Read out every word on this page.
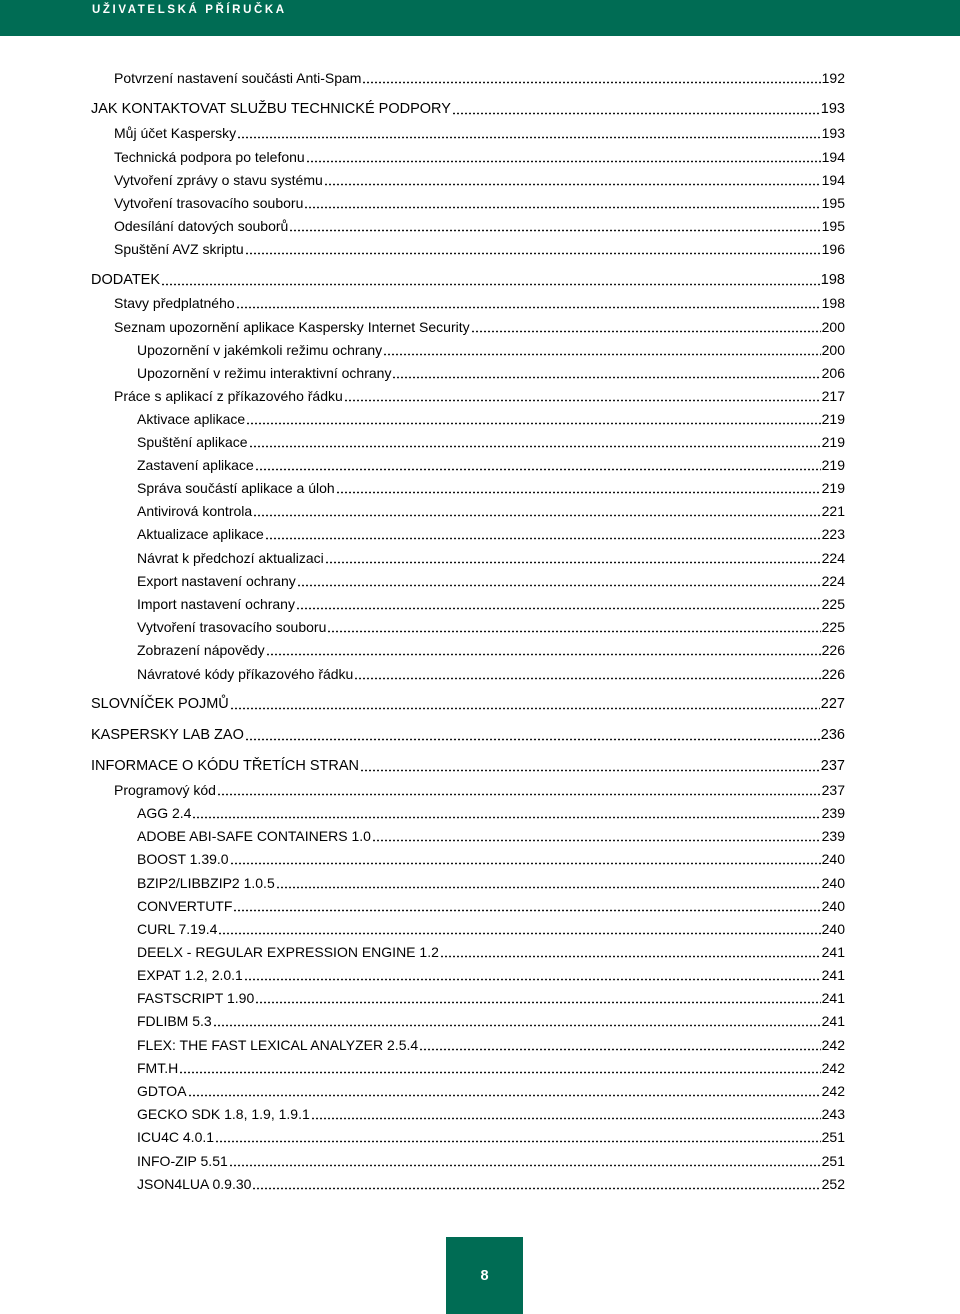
UŽIVATELSKÁ PŘÍRUČKA
Potvrzení nastavení součásti Anti-Spam	192
JAK KONTAKTOVAT SLUŽBU TECHNICKÉ PODPORY	193
Můj účet Kaspersky	193
Technická podpora po telefonu	194
Vytvoření zprávy o stavu systému	194
Vytvoření trasovacího souboru	195
Odesílání datových souborů	195
Spuštění AVZ skriptu	196
DODATEK	198
Stavy předplatného	198
Seznam upozornění aplikace Kaspersky Internet Security	200
Upozornění v jakémkoli režimu ochrany	200
Upozornění v režimu interaktivní ochrany	206
Práce s aplikací z příkazového řádku	217
Aktivace aplikace	219
Spuštění aplikace	219
Zastavení aplikace	219
Správa součástí aplikace a úloh	219
Antivirová kontrola	221
Aktualizace aplikace	223
Návrat k předchozí aktualizaci	224
Export nastavení ochrany	224
Import nastavení ochrany	225
Vytvoření trasovacího souboru	225
Zobrazení nápovědy	226
Návratové kódy příkazového řádku	226
SLOVNÍČEK POJMŮ	227
KASPERSKY LAB ZAO	236
INFORMACE O KÓDU TŘETÍCH STRAN	237
Programový kód	237
AGG 2.4	239
ADOBE ABI-SAFE CONTAINERS 1.0	239
BOOST 1.39.0	240
BZIP2/LIBBZIP2 1.0.5	240
CONVERTUTF	240
CURL 7.19.4	240
DEELX - REGULAR EXPRESSION ENGINE 1.2	241
EXPAT 1.2, 2.0.1	241
FASTSCRIPT 1.90	241
FDLIBM 5.3	241
FLEX: THE FAST LEXICAL ANALYZER 2.5.4	242
FMT.H	242
GDTOA	242
GECKO SDK 1.8, 1.9, 1.9.1	243
ICU4C 4.0.1	251
INFO-ZIP 5.51	251
JSON4LUA 0.9.30	252
8
